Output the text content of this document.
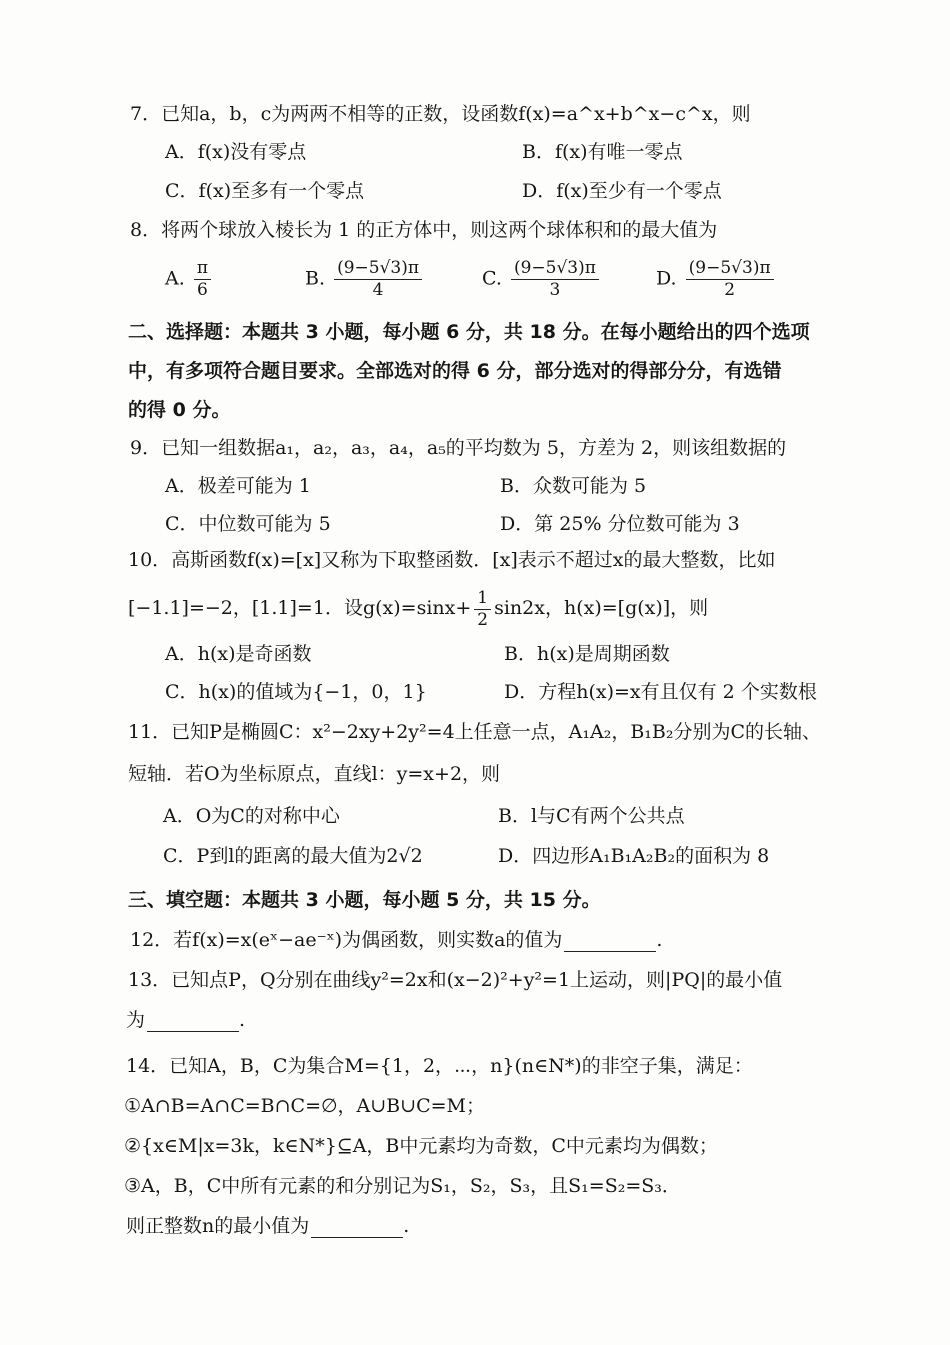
7．已知a，b，c为两两不相等的正数，设函数f(x)=a^x+b^x−c^x，则
A．f(x)没有零点	B．f(x)有唯一零点
C．f(x)至多有一个零点	D．f(x)至少有一个零点
8．将两个球放入棱长为 1 的正方体中，则这两个球体积和的最大值为
A. $\frac{\pi}{6}$	B. $\frac{(9-5√3)\pi}{4}$	C. $\frac{(9-5√3)\pi}{3}$	D. $\frac{(9-5√3)\pi}{2}$
二、选择题：本题共 3 小题，每小题 6 分，共 18 分。在每小题给出的四个选项
中，有多项符合题目要求。全部选对的得 6 分，部分选对的得部分分，有选错
的得 0 分。
9．已知一组数据a₁，a₂，a₃，a₄，a₅的平均数为 5，方差为 2，则该组数据的
A．极差可能为 1	B．众数可能为 5
C．中位数可能为 5	D．第 25% 分位数可能为 3
10．高斯函数f(x)=[x]又称为下取整函数．[x]表示不超过x的最大整数，比如
[−1.1]=−2，[1.1]=1．设$g(x)=\sin x+ \frac{1}{2} \sin 2x$，h(x)=[g(x)]，则
A．h(x)是奇函数	B．h(x)是周期函数
C．h(x)的值域为{−1，0，1}	D．方程h(x)=x有且仅有 2 个实数根
11．已知P是椭圆C：x²−2xy+2y²=4上任意一点，A₁A₂，B₁B₂分别为C的长轴、
短轴．若O为坐标原点，直线l：y=x+2，则
A．O为C的对称中心	B．l与C有两个公共点
C．P到l的距离的最大值为2√2	D．四边形A₁B₁A₂B₂的面积为 8
三、填空题：本题共 3 小题，每小题 5 分，共 15 分。
12．若f(x)=x(eˣ−ae⁻ˣ)为偶函数，则实数a的值为	.
13．已知点P，Q分别在曲线y²=2x和(x−2)²+y²=1上运动，则|PQ|的最小值
为	.
14．已知A，B，C为集合M={1，2，⋯，n}(n∈N*)的非空子集，满足：
①A∩B=A∩C=B∩C=∅，A∪B∪C=M；
②{x∈M|x=3k，k∈N*}⊆A，B中元素均为奇数，C中元素均为偶数；
③A，B，C中所有元素的和分别记为S₁，S₂，S₃，且S₁=S₂=S₃．
则正整数n的最小值为	.
